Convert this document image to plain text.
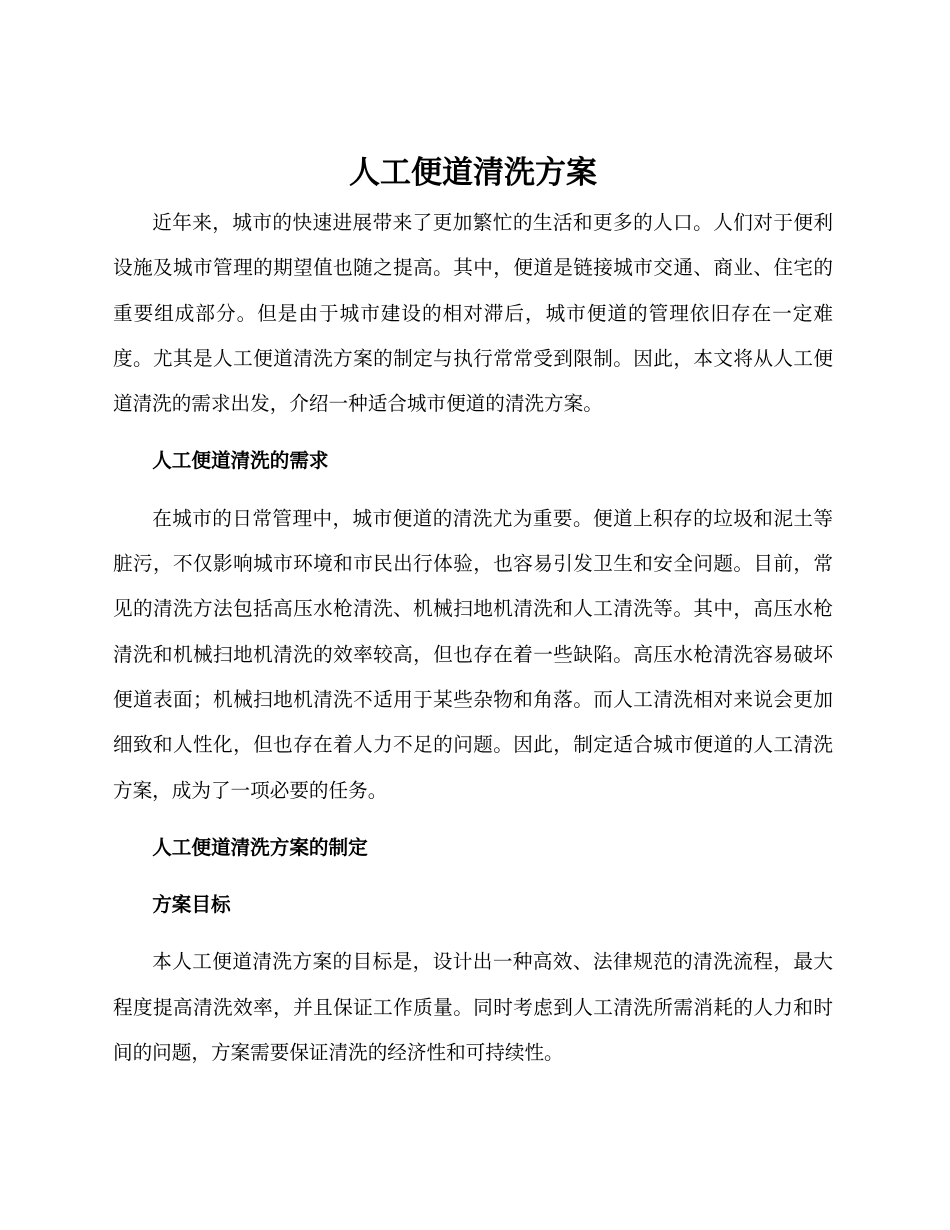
人工便道清洗方案

近年来，城市的快速进展带来了更加繁忙的生活和更多的人口。人们对于便利设施及城市管理的期望值也随之提高。其中，便道是链接城市交通、商业、住宅的重要组成部分。但是由于城市建设的相对滞后，城市便道的管理依旧存在一定难度。尤其是人工便道清洗方案的制定与执行常常受到限制。因此，本文将从人工便道清洗的需求出发，介绍一种适合城市便道的清洗方案。

人工便道清洗的需求

在城市的日常管理中，城市便道的清洗尤为重要。便道上积存的垃圾和泥土等脏污，不仅影响城市环境和市民出行体验，也容易引发卫生和安全问题。目前，常见的清洗方法包括高压水枪清洗、机械扫地机清洗和人工清洗等。其中，高压水枪清洗和机械扫地机清洗的效率较高，但也存在着一些缺陷。高压水枪清洗容易破坏便道表面；机械扫地机清洗不适用于某些杂物和角落。而人工清洗相对来说会更加细致和人性化，但也存在着人力不足的问题。因此，制定适合城市便道的人工清洗方案，成为了一项必要的任务。

人工便道清洗方案的制定
方案目标

本人工便道清洗方案的目标是，设计出一种高效、法律规范的清洗流程，最大程度提高清洗效率，并且保证工作质量。同时考虑到人工清洗所需消耗的人力和时间的问题，方案需要保证清洗的经济性和可持续性。
